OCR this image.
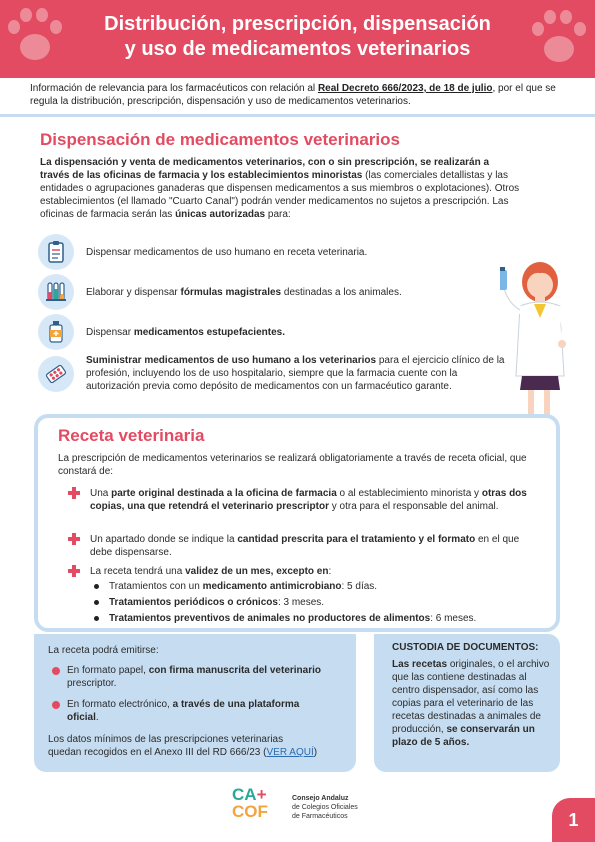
Distribución, prescripción, dispensación
y uso de medicamentos veterinarios
Información de relevancia para los farmacéuticos con relación al Real Decreto 666/2023, de 18 de julio, por el que se regula la distribución, prescripción, dispensación y uso de medicamentos veterinarios.
Dispensación de medicamentos veterinarios
La dispensación y venta de medicamentos veterinarios, con o sin prescripción, se realizarán a través de las oficinas de farmacia y los establecimientos minoristas (las comerciales detallistas y las entidades o agrupaciones ganaderas que dispensen medicamentos a sus miembros o explotaciones). Otros establecimientos (el llamado "Cuarto Canal") podrán vender medicamentos no sujetos a prescripción. Las oficinas de farmacia serán las únicas autorizadas para:
Dispensar medicamentos de uso humano en receta veterinaria.
Elaborar y dispensar fórmulas magistrales destinadas a los animales.
Dispensar medicamentos estupefacientes.
Suministrar medicamentos de uso humano a los veterinarios para el ejercicio clínico de la profesión, incluyendo los de uso hospitalario, siempre que la farmacia cuente con la autorización previa como depósito de medicamentos con un farmacéutico garante.
Receta veterinaria
La prescripción de medicamentos veterinarios se realizará obligatoriamente a través de receta oficial, que constará de:
Una parte original destinada a la oficina de farmacia o al establecimiento minorista y otras dos copias, una que retendrá el veterinario prescriptor y otra para el responsable del animal.
Un apartado donde se indique la cantidad prescrita para el tratamiento y el formato en el que debe dispensarse.
La receta tendrá una validez de un mes, excepto en:
Tratamientos con un medicamento antimicrobiano: 5 días.
Tratamientos periódicos o crónicos: 3 meses.
Tratamientos preventivos de animales no productores de alimentos: 6 meses.
La receta podrá emitirse:
En formato papel, con firma manuscrita del veterinario
prescriptor.
En formato electrónico, a través de una plataforma
oficial.
Los datos mínimos de las prescripciones veterinarias
quedan recogidos en el Anexo III del RD 666/23 (VER AQUÍ)
CUSTODIA DE DOCUMENTOS:
Las recetas originales, o el archivo que las contiene destinadas al centro dispensador, así como las copias para el veterinario de las recetas destinadas a animales de producción, se conservarán un plazo de 5 años.
CA+
COF
Consejo Andaluz
de Colegios Oficiales
de Farmacéuticos	1
